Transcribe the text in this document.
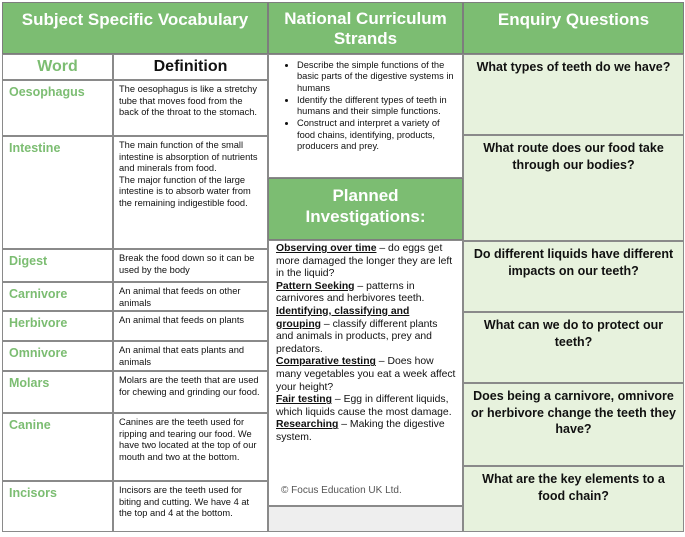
Subject Specific Vocabulary	National Curriculum Strands
Enquiry Questions
Word	Definition
Oesophagus	The oesophagus is like a stretchy tube that moves food from the back of the throat to the stomach.
Intestine	The main function of the small intestine is absorption of nutrients and minerals from food.
The major function of the large intestine is to absorb water from the remaining indigestible food.
Digest	Break the food down so it can be used by the body
Carnivore	An animal that feeds on other animals
Herbivore	An animal that feeds on plants
Omnivore	An animal that eats plants and animals
Molars	Molars are the teeth that are used for chewing and grinding our food.
Canine	Canines are the teeth used for ripping and tearing our food. We have two located at the top of our mouth and two at the bottom.
Incisors	Incisors are the teeth used for biting and cutting. We have 4 at the top and 4 at the bottom.
• Describe the simple functions of the basic parts of the digestive systems in humans
• Identify the different types of teeth in humans and their simple functions.
• Construct and interpret a variety of food chains, identifying, products, producers and prey.
Planned Investigations:

Observing over time – do eggs get more damaged the longer they are left in the liquid?

Pattern Seeking – patterns in carnivores and herbivores teeth.

Identifying, classifying and grouping – classify different plants and animals in products, prey and predators.

Comparative testing – Does how many vegetables you eat a week affect your height?

Fair testing – Egg in different liquids, which liquids cause the most damage.

Researching – Making the digestive system.

© Focus Education UK Ltd.
What types of teeth do we have?
What route does our food take through our bodies?
Do different liquids have different impacts on our teeth?
What can we do to protect our teeth?
Does being a carnivore, omnivore or herbivore change the teeth they have?
What are the key elements to a food chain?
